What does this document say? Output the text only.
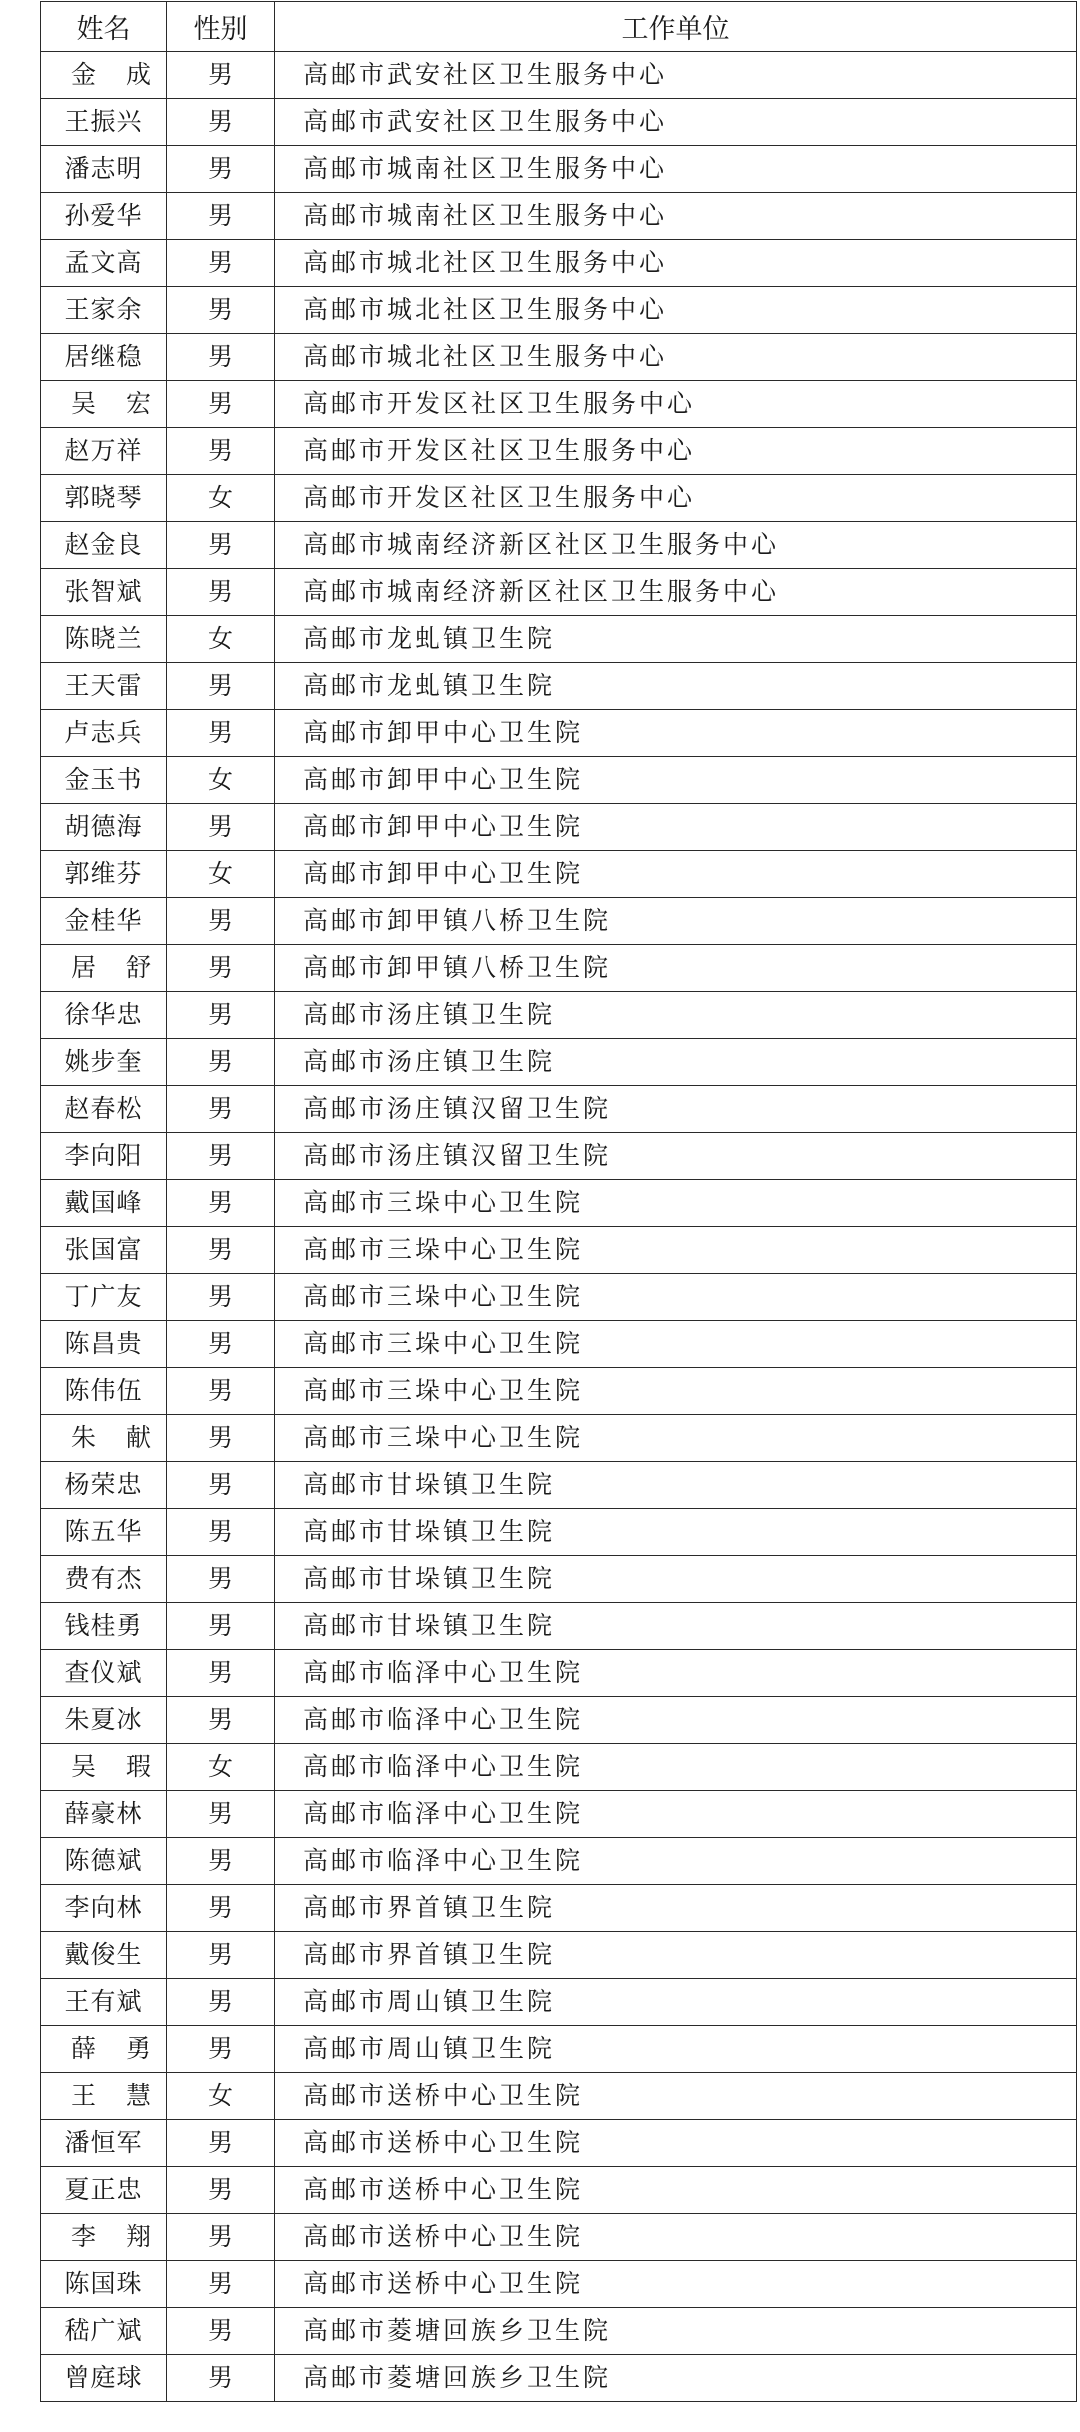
姓名	性别	工作单位
金成	男	高邮市武安社区卫生服务中心
王振兴	男	高邮市武安社区卫生服务中心
潘志明	男	高邮市城南社区卫生服务中心
孙爱华	男	高邮市城南社区卫生服务中心
孟文高	男	高邮市城北社区卫生服务中心
王家余	男	高邮市城北社区卫生服务中心
居继稳	男	高邮市城北社区卫生服务中心
吴宏	男	高邮市开发区社区卫生服务中心
赵万祥	男	高邮市开发区社区卫生服务中心
郭晓琴	女	高邮市开发区社区卫生服务中心
赵金良	男	高邮市城南经济新区社区卫生服务中心
张智斌	男	高邮市城南经济新区社区卫生服务中心
陈晓兰	女	高邮市龙虬镇卫生院
王天雷	男	高邮市龙虬镇卫生院
卢志兵	男	高邮市卸甲中心卫生院
金玉书	女	高邮市卸甲中心卫生院
胡德海	男	高邮市卸甲中心卫生院
郭维芬	女	高邮市卸甲中心卫生院
金桂华	男	高邮市卸甲镇八桥卫生院
居舒	男	高邮市卸甲镇八桥卫生院
徐华忠	男	高邮市汤庄镇卫生院
姚步奎	男	高邮市汤庄镇卫生院
赵春松	男	高邮市汤庄镇汉留卫生院
李向阳	男	高邮市汤庄镇汉留卫生院
戴国峰	男	高邮市三垛中心卫生院
张国富	男	高邮市三垛中心卫生院
丁广友	男	高邮市三垛中心卫生院
陈昌贵	男	高邮市三垛中心卫生院
陈伟伍	男	高邮市三垛中心卫生院
朱献	男	高邮市三垛中心卫生院
杨荣忠	男	高邮市甘垛镇卫生院
陈五华	男	高邮市甘垛镇卫生院
费有杰	男	高邮市甘垛镇卫生院
钱桂勇	男	高邮市甘垛镇卫生院
查仪斌	男	高邮市临泽中心卫生院
朱夏冰	男	高邮市临泽中心卫生院
吴瑕	女	高邮市临泽中心卫生院
薛豪林	男	高邮市临泽中心卫生院
陈德斌	男	高邮市临泽中心卫生院
李向林	男	高邮市界首镇卫生院
戴俊生	男	高邮市界首镇卫生院
王有斌	男	高邮市周山镇卫生院
薛勇	男	高邮市周山镇卫生院
王慧	女	高邮市送桥中心卫生院
潘恒军	男	高邮市送桥中心卫生院
夏正忠	男	高邮市送桥中心卫生院
李翔	男	高邮市送桥中心卫生院
陈国珠	男	高邮市送桥中心卫生院
嵇广斌	男	高邮市菱塘回族乡卫生院
曾庭球	男	高邮市菱塘回族乡卫生院
